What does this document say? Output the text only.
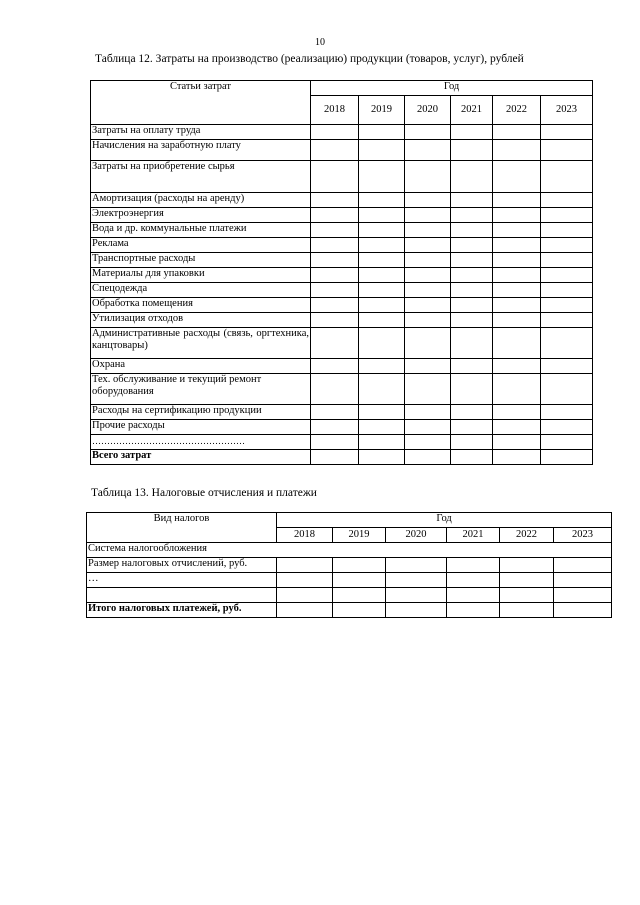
10
Таблица 12. Затраты на производство (реализацию) продукции (товаров, услуг), рублей
Статьи затрат	Год					
	2018	2019	2020	2021	2022	2023
Затраты на оплату труда						
Начисления на заработную плату						
Затраты на приобретение сырья						
Амортизация (расходы на аренду)						
Электроэнергия						
Вода и др. коммунальные платежи						
Реклама						
Транспортные расходы						
Материалы для упаковки						
Спецодежда						
Обработка помещения						
Утилизация отходов						
Административные расходы (связь, оргтехника, канцтовары)						
Охрана						
Тех. обслуживание и текущий ремонт оборудования						
Расходы на сертификацию продукции						
Прочие расходы						
……………………………………………						
Всего затрат						
Таблица 13. Налоговые отчисления и платежи
Вид налогов	Год					
	2018	2019	2020	2021	2022	2023
Система налогообложения						
Размер налоговых отчислений, руб.						
…						

Итого налоговых платежей, руб.						
